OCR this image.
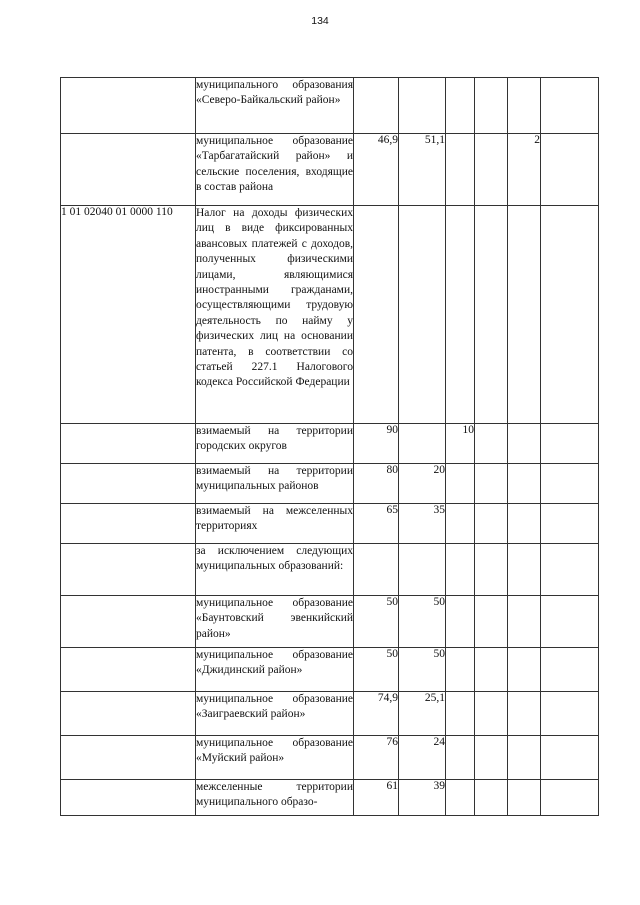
134
	муниципального образования «Северо-Байкальский район»						
	муниципальное образование «Тарбагатайский район» и сельские поселения, входящие в состав района	46,9	51,1			2	
1 01 02040 01 0000 110	Налог на доходы физических лиц в виде фиксированных авансовых платежей с доходов, полученных физическими лицами, являющимися иностранными гражданами, осуществляющими трудовую деятельность по найму у физических лиц на основании патента, в соответствии со статьей 227.1 Налогового кодекса Российской Федерации						
	взимаемый на территории городских округов	90		10			
	взимаемый на территории муниципальных районов	80	20				
	взимаемый на межселенных территориях	65	35				
	за исключением следующих муниципальных образований:						
	муниципальное образование «Баунтовский эвенкийский район»	50	50				
	муниципальное образование «Джидинский район»	50	50				
	муниципальное образование «Заиграевский район»	74,9	25,1				
	муниципальное образование «Муйский район»	76	24				
	межселенные территории муниципального образо-	61	39				
